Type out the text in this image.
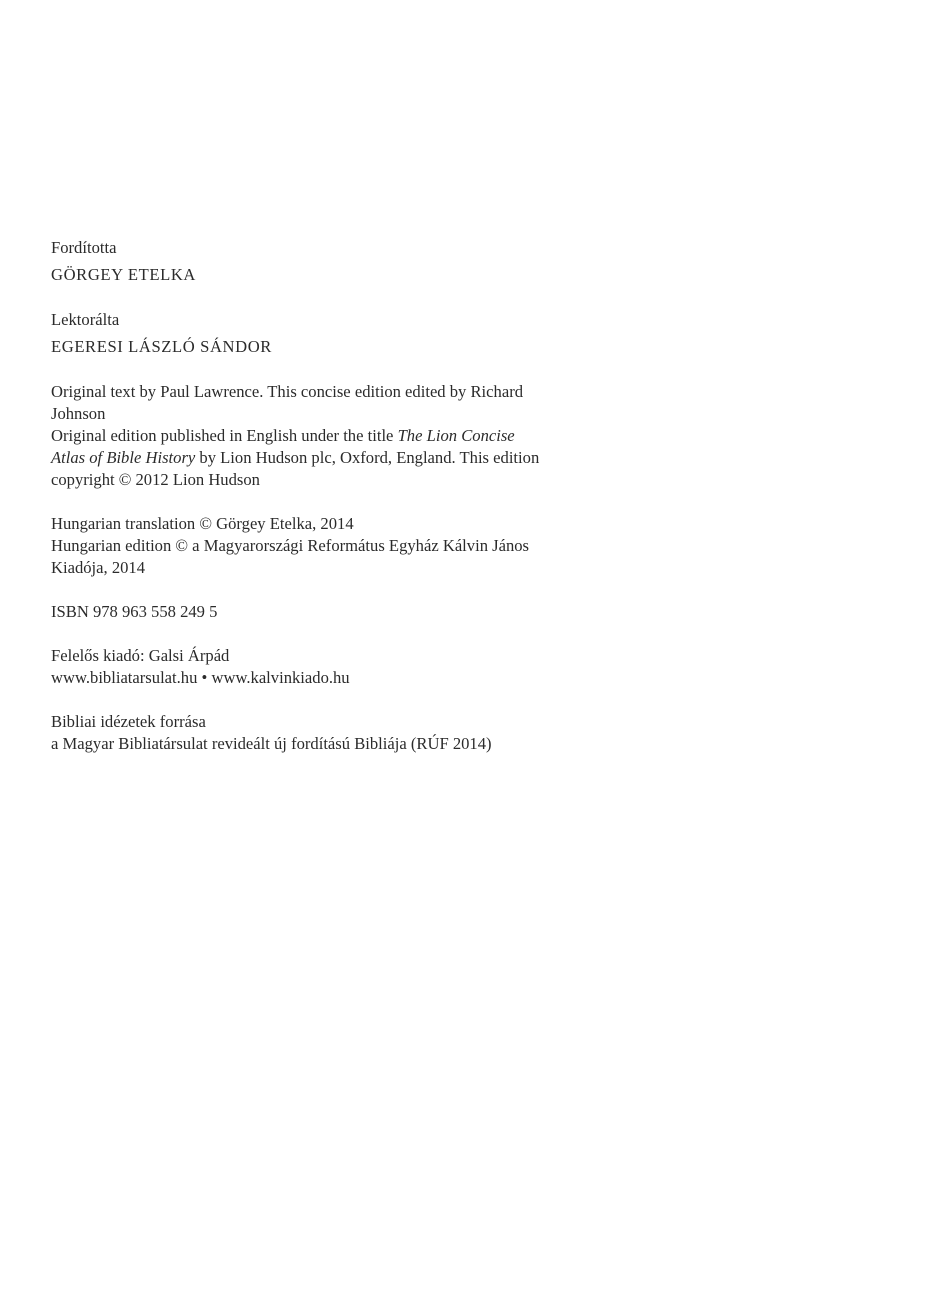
Fordította
GÖRGEY ETELKA
Lektorálta
EGERESI LÁSZLÓ SÁNDOR
Original text by Paul Lawrence. This concise edition edited by Richard
Johnson
Original edition published in English under the title The Lion Concise
Atlas of Bible History by Lion Hudson plc, Oxford, England. This edition
copyright © 2012 Lion Hudson
Hungarian translation © Görgey Etelka, 2014
Hungarian edition © a Magyarországi Református Egyház Kálvin János
Kiadója, 2014
ISBN 978 963 558 249 5
Felelős kiadó: Galsi Árpád
www.bibliatarsulat.hu • www.kalvinkiado.hu
Bibliai idézetek forrása
a Magyar Bibliatársulat revideált új fordítású Bibliája (RÚF 2014)
